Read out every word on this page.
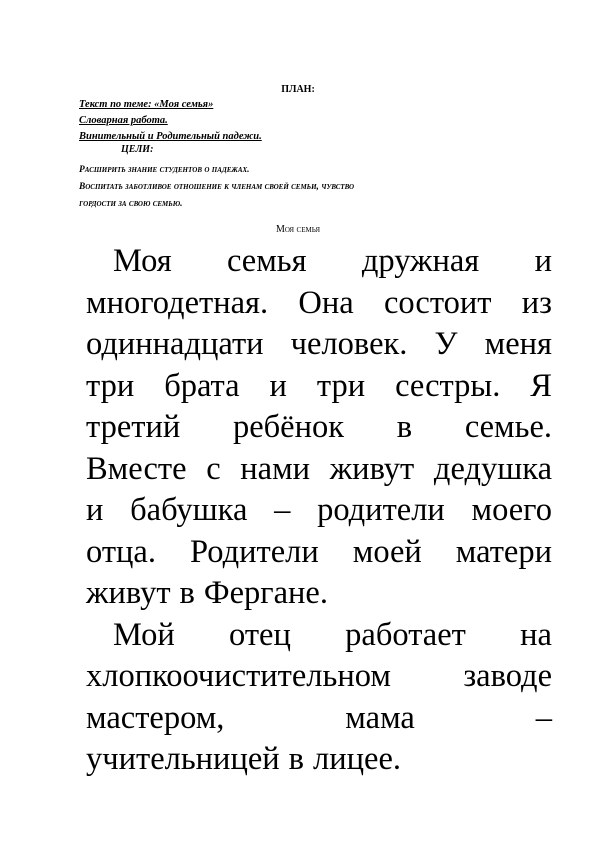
ПЛАН:
Текст по теме: «Моя семья»
Словарная работа.
Винительный и Родительный падежи.
ЦЕЛИ:
Расширить знание студентов о падежах.
Воспитать заботливое отношение к членам своей семьи, чувство
гордости за свою семью.
Моя семья
Моя семья дружная и
многодетная. Она состоит из
одиннадцати человек. У меня
три брата и три сестры. Я
третий ребёнок в семье.
Вместе с нами живут дедушка
и бабушка – родители моего
отца. Родители моей матери
живут в Фергане.
Мой отец работает на
хлопкоочистительном заводе
мастером,	мама	–
учительницей в лицее.
